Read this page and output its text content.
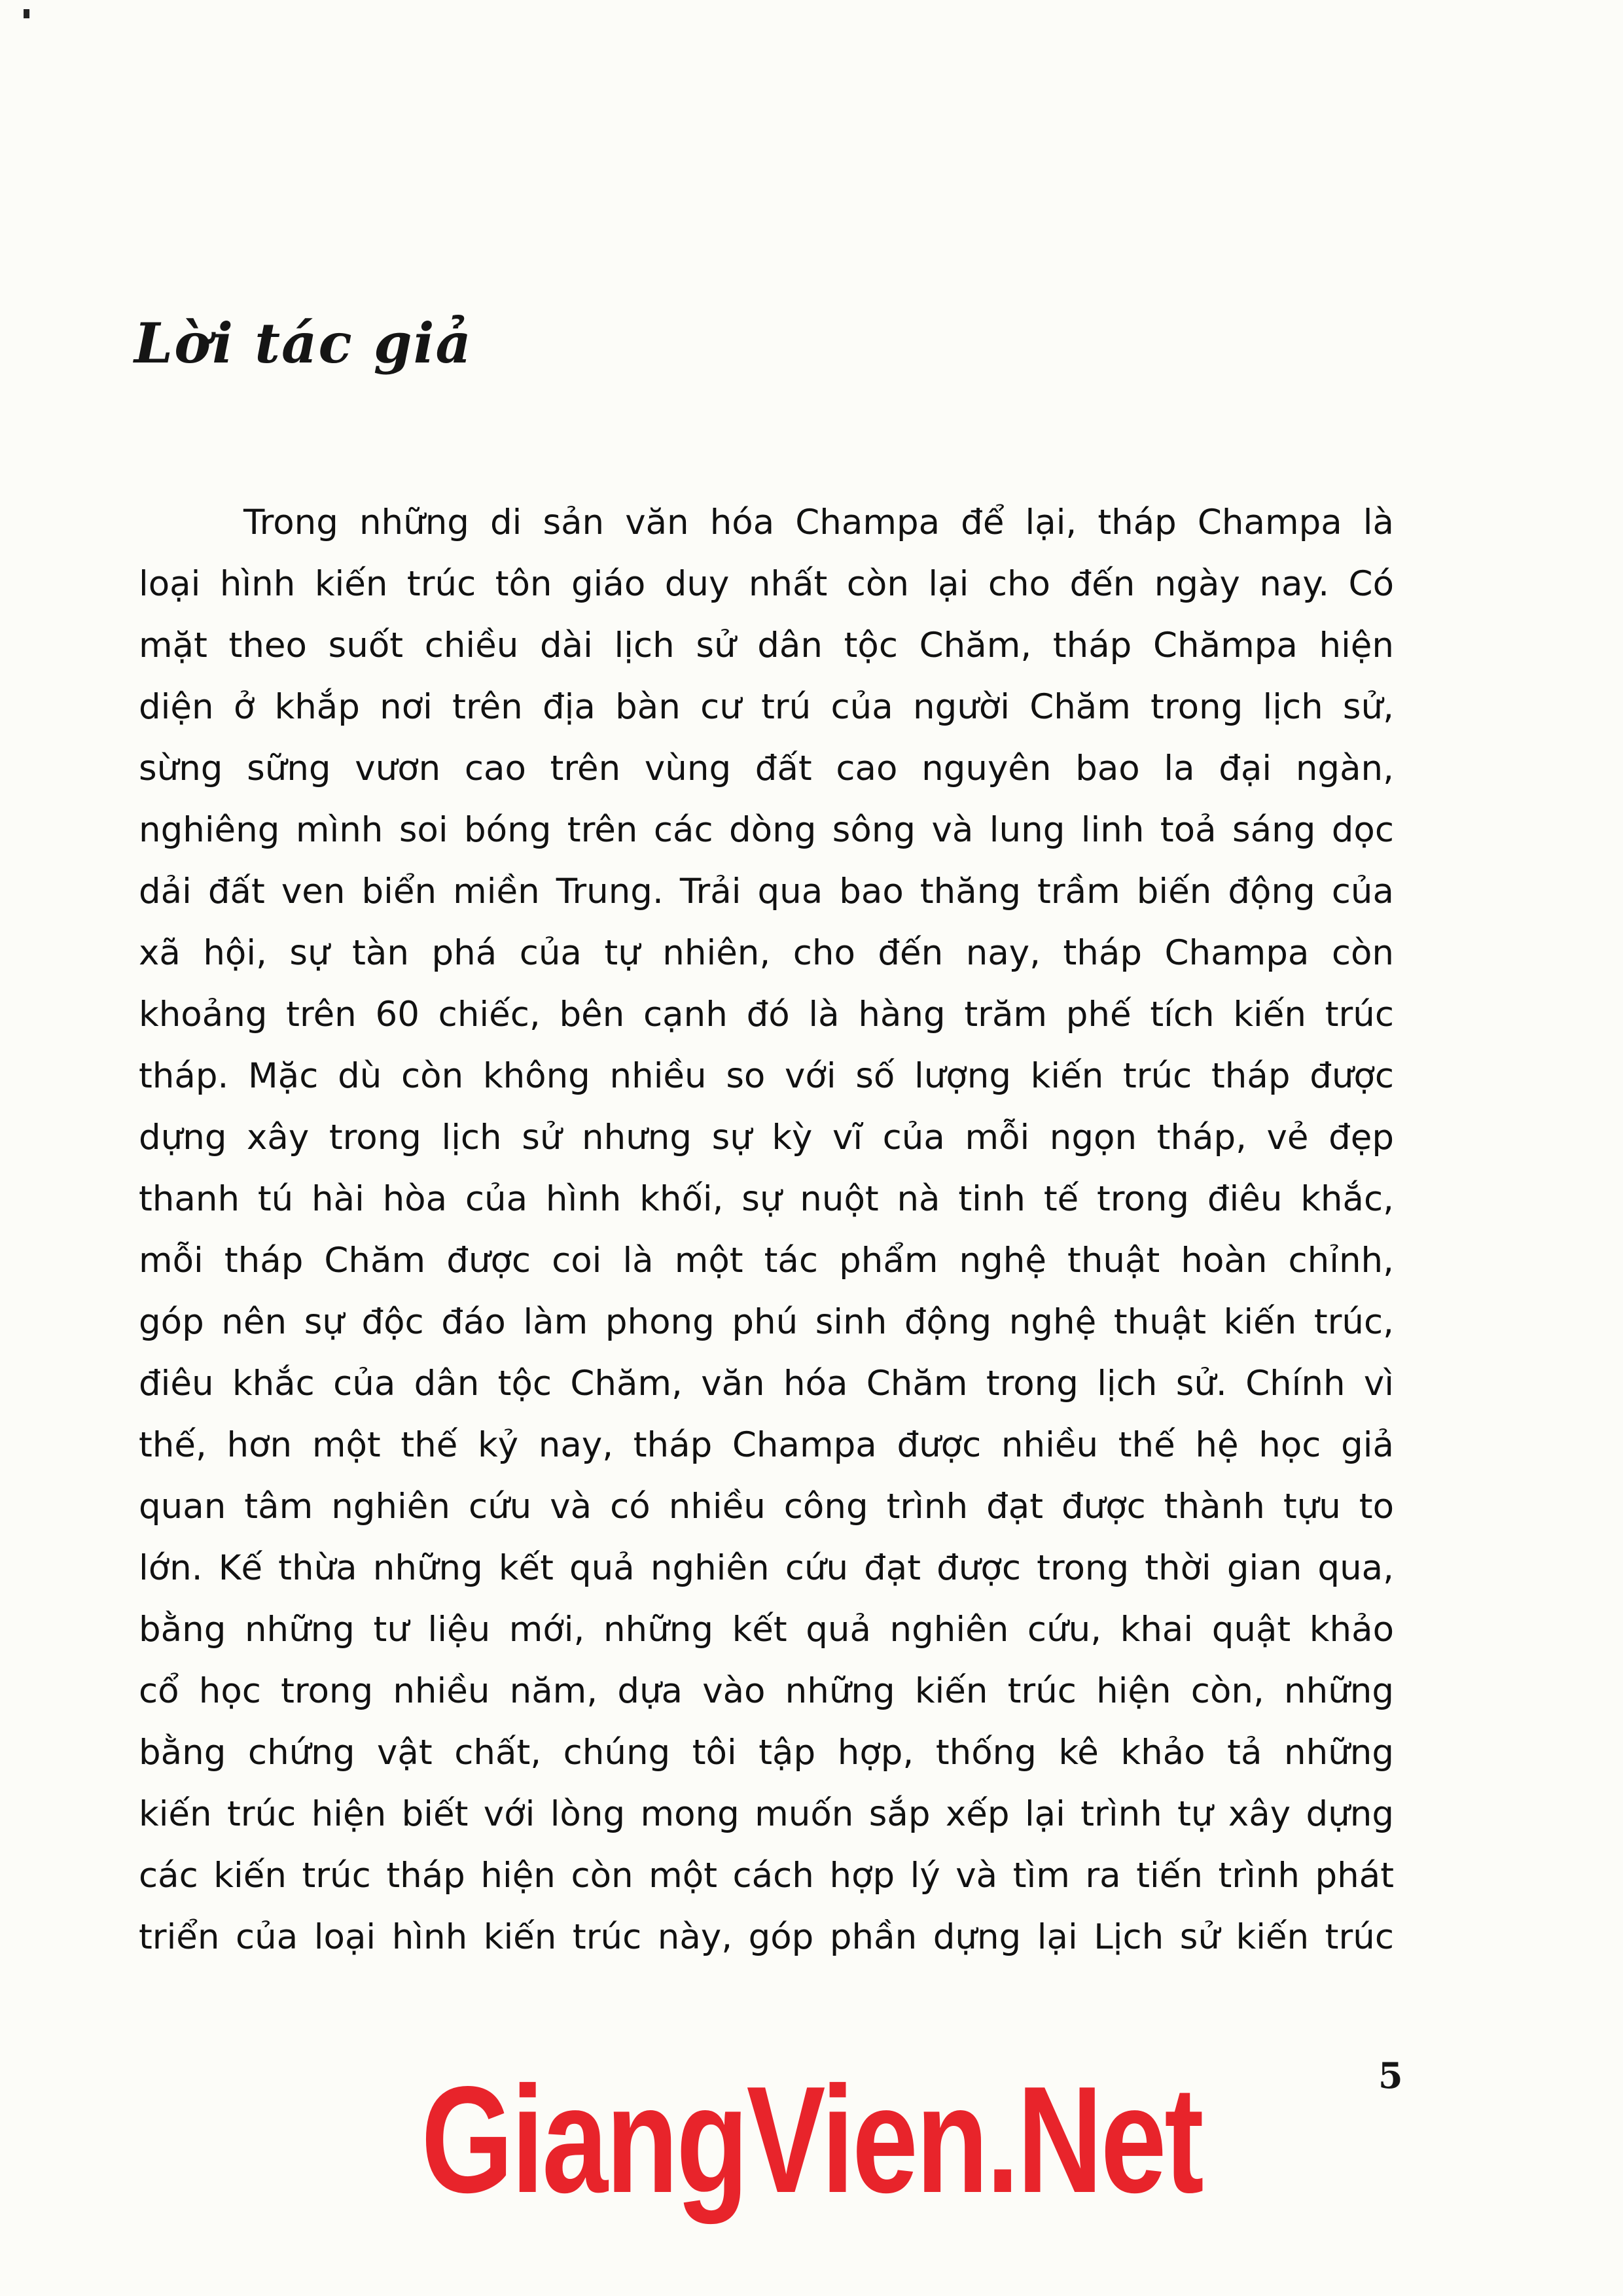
Lời tác giả
Trong những di sản văn hóa Champa để lại, tháp Champa là
loại hình kiến trúc tôn giáo duy nhất còn lại cho đến ngày nay. Có
mặt theo suốt chiều dài lịch sử dân tộc Chăm, tháp Chămpa hiện
diện ở khắp nơi trên địa bàn cư trú của người Chăm trong lịch sử,
sừng sững vươn cao trên vùng đất cao nguyên bao la đại ngàn,
nghiêng mình soi bóng trên các dòng sông và lung linh toả sáng dọc
dải đất ven biển miền Trung. Trải qua bao thăng trầm biến động của
xã hội, sự tàn phá của tự nhiên, cho đến nay, tháp Champa còn
khoảng trên 60 chiếc, bên cạnh đó là hàng trăm phế tích kiến trúc
tháp. Mặc dù còn không nhiều so với số lượng kiến trúc tháp được
dựng xây trong lịch sử nhưng sự kỳ vĩ của mỗi ngọn tháp, vẻ đẹp
thanh tú hài hòa của hình khối, sự nuột nà tinh tế trong điêu khắc,
mỗi tháp Chăm được coi là một tác phẩm nghệ thuật hoàn chỉnh,
góp nên sự độc đáo làm phong phú sinh động nghệ thuật kiến trúc,
điêu khắc của dân tộc Chăm, văn hóa Chăm trong lịch sử. Chính vì
thế, hơn một thế kỷ nay, tháp Champa được nhiều thế hệ học giả
quan tâm nghiên cứu và có nhiều công trình đạt được thành tựu to
lớn. Kế thừa những kết quả nghiên cứu đạt được trong thời gian qua,
bằng những tư liệu mới, những kết quả nghiên cứu, khai quật khảo
cổ học trong nhiều năm, dựa vào những kiến trúc hiện còn, những
bằng chứng vật chất, chúng tôi tập hợp, thống kê khảo tả những
kiến trúc hiện biết với lòng mong muốn sắp xếp lại trình tự xây dựng
các kiến trúc tháp hiện còn một cách hợp lý và tìm ra tiến trình phát
triển của loại hình kiến trúc này, góp phần dựng lại Lịch sử kiến trúc
5
GiangVien.Net
